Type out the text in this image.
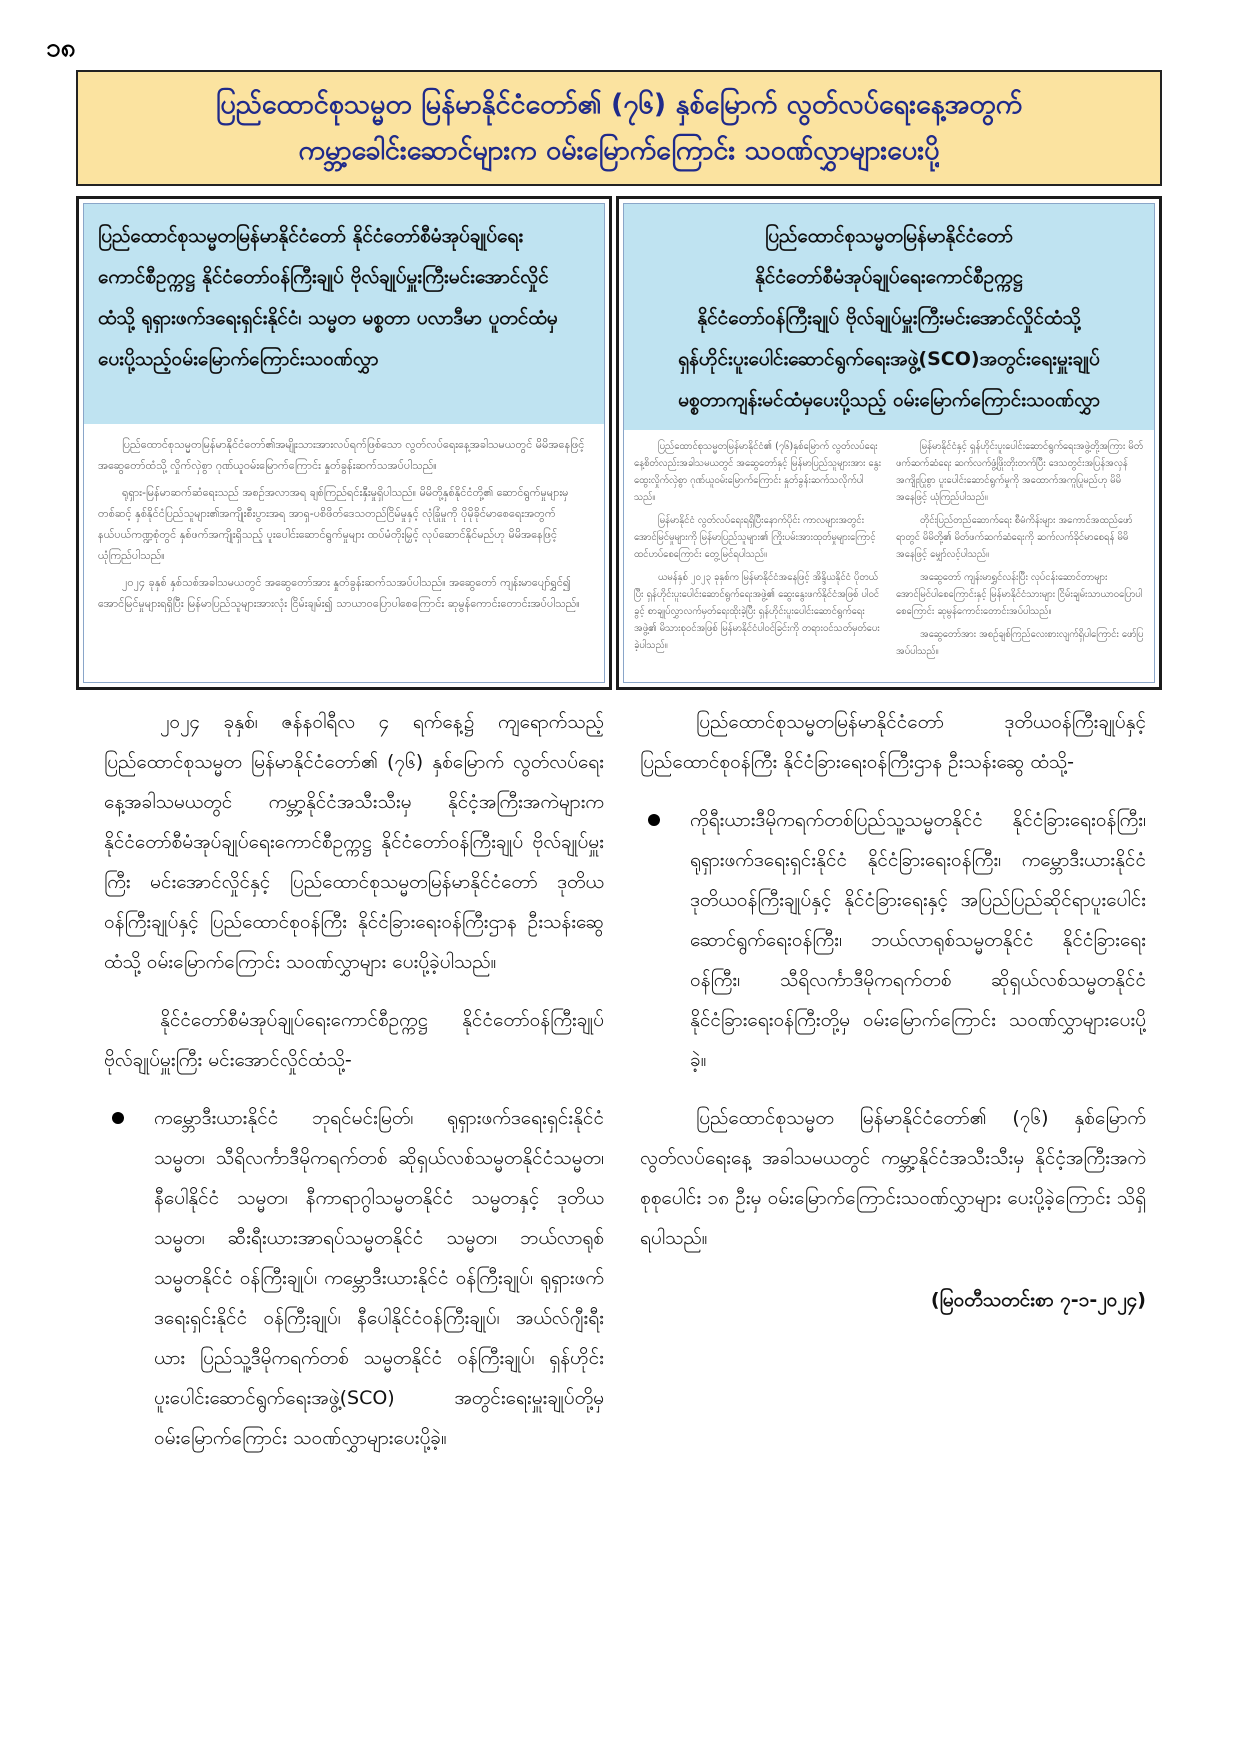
၁၈
ပြည်ထောင်စုသမ္မတ မြန်မာနိုင်ငံတော်၏ (၇၆) နှစ်မြောက် လွတ်လပ်ရေးနေ့အတွက်
ကမ္ဘာ့ခေါင်းဆောင်များက ဝမ်းမြောက်ကြောင်း သဝဏ်လွှာများပေးပို့
ပြည်ထောင်စုသမ္မတမြန်မာနိုင်ငံတော် နိုင်ငံတော်စီမံအုပ်ချုပ်ရေး
ကောင်စီဥက္ကဋ္ဌ နိုင်ငံတော်ဝန်ကြီးချုပ် ဗိုလ်ချုပ်မှူးကြီးမင်းအောင်လှိုင်
ထံသို့ ရုရှားဖက်ဒရေးရှင်းနိုင်ငံ၊ သမ္မတ မစ္စတာ ပလာဒီမာ ပူတင်ထံမှ
ပေးပို့သည့်ဝမ်းမြောက်ကြောင်းသဝဏ်လွှာ

ပြည်ထောင်စုသမ္မတမြန်မာနိုင်ငံတော်၏အမျိုးသားအားလပ်ရက်ဖြစ်သော လွတ်လပ်ရေးနေ့အခါသမယတွင် မိမိအနေဖြင့် အဆွေတော်ထံသို့ လှိုက်လှဲစွာ ဂုဏ်ယူဝမ်းမြောက်ကြောင်း နှုတ်ခွန်းဆက်သအပ်ပါသည်။

ရုရှား-မြန်မာဆက်ဆံရေးသည် အစဉ်အလာအရ ချစ်ကြည်ရင်းနှီးမှုရှိပါသည်။ မိမိတို့နှစ်နိုင်ငံတို့၏ ဆောင်ရွက်မှုများမှတစ်ဆင့် နှစ်နိုင်ငံပြည်သူများ၏အကျိုးစီးပွားအရ အာရှ-ပစိဖိတ်ဒေသတည်ငြိမ်မှုနှင့် လုံခြုံမှုကို ပိုမိုခိုင်မာစေရေးအတွက် နယ်ပယ်ကဏ္ဍစုံတွင် နှစ်ဖက်အကျိုးရှိသည့် ပူးပေါင်းဆောင်ရွက်မှုများ ထပ်မံတိုးမြှင့် လုပ်ဆောင်နိုင်မည်ဟု မိမိအနေဖြင့်ယုံကြည်ပါသည်။

၂၀၂၄ ခုနှစ် နှစ်သစ်အခါသမယတွင် အဆွေတော်အား နှုတ်ခွန်းဆက်သအပ်ပါသည်။ အဆွေတော် ကျန်းမာပျော်ရွှင်၍ အောင်မြင်မှုများရရှိပြီး မြန်မာပြည်သူများအားလုံး ငြိမ်းချမ်း၍ သာယာဝပြောပါစေကြောင်း ဆုမွန်ကောင်းတောင်းအပ်ပါသည်။

ပြည်ထောင်စုသမ္မတမြန်မာနိုင်ငံတော်
နိုင်ငံတော်စီမံအုပ်ချုပ်ရေးကောင်စီဥက္ကဋ္ဌ
နိုင်ငံတော်ဝန်ကြီးချုပ် ဗိုလ်ချုပ်မှူးကြီးမင်းအောင်လှိုင်ထံသို့
ရှန်ဟိုင်းပူးပေါင်းဆောင်ရွက်ရေးအဖွဲ့(SCO)အတွင်းရေးမှူးချုပ်
မစ္စတာကျန်းမင်ထံမှပေးပို့သည့် ဝမ်းမြောက်ကြောင်းသဝဏ်လွှာ

ပြည်ထောင်စုသမ္မတမြန်မာနိုင်ငံ၏ (၇၆)နှစ်မြောက် လွတ်လပ်ရေးနေ့စိတ်လည်းအခါသမယတွင် အဆွေတော်နှင့် မြန်မာပြည်သူများအား နွေးထွေးလှိုက်လှဲစွာ ဂုဏ်ယူဝမ်းမြောက်ကြောင်း နှုတ်ခွန်းဆက်သလိုက်ပါသည်။

မြန်မာနိုင်ငံ လွတ်လပ်ရေးရရှိပြီးနောက်ပိုင်း ကာလများအတွင်း အောင်မြင်မှုများကို မြန်မာပြည်သူများ၏ ကြိုးပမ်းအားထုတ်မှုများကြောင့် ထင်ဟပ်စေကြောင်း တွေ့မြင်ရပါသည်။

ယမန်နှစ် ၂၀၂၃ ခုနှစ်က မြန်မာနိုင်ငံအနေဖြင့် အိန္ဒိယနိုင်ငံ ပိုတယ်ပြီး ရှန်ဟိုင်းပူးပေါင်းဆောင်ရွက်ရေးအဖွဲ့၏ ဆွေးနွေးဖက်နိုင်ငံအဖြစ် ပါဝင်ခွင့် စာချုပ်လွှာလက်မှတ်ရေးထိုးခဲ့ပြီး ရှန်ဟိုင်းပူးပေါင်းဆောင်ရွက်ရေးအဖွဲ့၏ မိသားစုဝင်အဖြစ် မြန်မာနိုင်ငံပါဝင်ခြင်းကို တရားဝင်သတ်မှတ်ပေးခဲ့ပါသည်။

မြန်မာနိုင်ငံနှင့် ရှန်ဟိုင်းပူးပေါင်းဆောင်ရွက်ရေးအဖွဲ့တို့အကြား မိတ်ဖက်ဆက်ဆံရေး ဆက်လက်ဖွံ့ဖြိုးတိုးတက်ပြီး ဒေသတွင်းအပြန်အလှန်အကျိုးပြုစွာ ပူးပေါင်းဆောင်ရွက်မှုကို အထောက်အကူပြုမည်ဟု မိမိအနေဖြင့် ယုံကြည်ပါသည်။

တိုင်းပြည်တည်ဆောက်ရေး စီမံကိန်းများ အကောင်အထည်ဖော်ရာတွင် မိမိတို့၏ မိတ်ဖက်ဆက်ဆံရေးကို ဆက်လက်ခိုင်မာစေရန် မိမိအနေဖြင့် မျှော်လင့်ပါသည်။

အဆွေတော် ကျန်းမာရွှင်လန်းပြီး လုပ်ငန်းဆောင်တာများ အောင်မြင်ပါစေကြောင်းနှင့် မြန်မာနိုင်ငံသားများ ငြိမ်းချမ်းသာယာဝပြောပါစေကြောင်း ဆုမွန်ကောင်းတောင်းအပ်ပါသည်။

အဆွေတော်အား အစဉ်ချစ်ကြည်လေးစားလျက်ရှိပါကြောင်း ဖော်ပြအပ်ပါသည်။

၂၀၂၄ ခုနှစ်၊ ဇန်နဝါရီလ ၄ ရက်နေ့၌ ကျရောက်သည့် ပြည်ထောင်စုသမ္မတ မြန်မာနိုင်ငံတော်၏ (၇၆) နှစ်မြောက် လွတ်လပ်ရေးနေ့အခါသမယတွင် ကမ္ဘာ့နိုင်ငံအသီးသီးမှ နိုင်ငံ့အကြီးအကဲများက နိုင်ငံတော်စီမံအုပ်ချုပ်ရေးကောင်စီဥက္ကဋ္ဌ နိုင်ငံတော်ဝန်ကြီးချုပ် ဗိုလ်ချုပ်မှူးကြီး မင်းအောင်လှိုင်နှင့် ပြည်ထောင်စုသမ္မတမြန်မာနိုင်ငံတော် ဒုတိယဝန်ကြီးချုပ်နှင့် ပြည်ထောင်စုဝန်ကြီး နိုင်ငံခြားရေးဝန်ကြီးဌာန ဦးသန်းဆွေ ထံသို့ ဝမ်းမြောက်ကြောင်း သဝဏ်လွှာများ ပေးပို့ခဲ့ပါသည်။

နိုင်ငံတော်စီမံအုပ်ချုပ်ရေးကောင်စီဥက္ကဋ္ဌ နိုင်ငံတော်ဝန်ကြီးချုပ် ဗိုလ်ချုပ်မှူးကြီး မင်းအောင်လှိုင်ထံသို့-

ကမ္ဘောဒီးယားနိုင်ငံ ဘုရင်မင်းမြတ်၊ ရုရှားဖက်ဒရေးရှင်းနိုင်ငံ သမ္မတ၊ သီရိလင်္ကာဒီမိုကရက်တစ် ဆိုရှယ်လစ်သမ္မတနိုင်ငံသမ္မတ၊ နီပေါနိုင်ငံ သမ္မတ၊ နီကာရာဂွါသမ္မတနိုင်ငံ သမ္မတနှင့် ဒုတိယသမ္မတ၊ ဆီးရီးယားအာရပ်သမ္မတနိုင်ငံ သမ္မတ၊ ဘယ်လာရုစ်သမ္မတနိုင်ငံ ဝန်ကြီးချုပ်၊ ကမ္ဘောဒီးယားနိုင်ငံ ဝန်ကြီးချုပ်၊ ရုရှားဖက်ဒရေးရှင်းနိုင်ငံ ဝန်ကြီးချုပ်၊ နီပေါနိုင်ငံဝန်ကြီးချုပ်၊ အယ်လ်ဂျီးရီးယား ပြည်သူ့ဒီမိုကရက်တစ် သမ္မတနိုင်ငံ ဝန်ကြီးချုပ်၊ ရှန်ဟိုင်းပူးပေါင်းဆောင်ရွက်ရေးအဖွဲ့(SCO) အတွင်းရေးမှူးချုပ်တို့မှ ဝမ်းမြောက်ကြောင်း သဝဏ်လွှာများပေးပို့ခဲ့။

ပြည်ထောင်စုသမ္မတမြန်မာနိုင်ငံတော် ဒုတိယဝန်ကြီးချုပ်နှင့် ပြည်ထောင်စုဝန်ကြီး နိုင်ငံခြားရေးဝန်ကြီးဌာန ဦးသန်းဆွေ ထံသို့-

ကိုရီးယားဒီမိုကရက်တစ်ပြည်သူ့သမ္မတနိုင်ငံ နိုင်ငံခြားရေးဝန်ကြီး၊ ရုရှားဖက်ဒရေးရှင်းနိုင်ငံ နိုင်ငံခြားရေးဝန်ကြီး၊ ကမ္ဘောဒီးယားနိုင်ငံ ဒုတိယဝန်ကြီးချုပ်နှင့် နိုင်ငံခြားရေးနှင့် အပြည်ပြည်ဆိုင်ရာပူးပေါင်းဆောင်ရွက်ရေးဝန်ကြီး၊ ဘယ်လာရုစ်သမ္မတနိုင်ငံ နိုင်ငံခြားရေးဝန်ကြီး၊ သီရိလင်္ကာဒီမိုကရက်တစ် ဆိုရှယ်လစ်သမ္မတနိုင်ငံ နိုင်ငံခြားရေးဝန်ကြီးတို့မှ ဝမ်းမြောက်ကြောင်း သဝဏ်လွှာများပေးပို့ခဲ့။

ပြည်ထောင်စုသမ္မတ မြန်မာနိုင်ငံတော်၏ (၇၆) နှစ်မြောက် လွတ်လပ်ရေးနေ့ အခါသမယတွင် ကမ္ဘာ့နိုင်ငံအသီးသီးမှ နိုင်ငံ့အကြီးအကဲ စုစုပေါင်း ၁၈ ဦးမှ ဝမ်းမြောက်ကြောင်းသဝဏ်လွှာများ ပေးပို့ခဲ့ကြောင်း သိရှိရပါသည်။

(မြဝတီသတင်းစာ ၇-၁-၂၀၂၄)
